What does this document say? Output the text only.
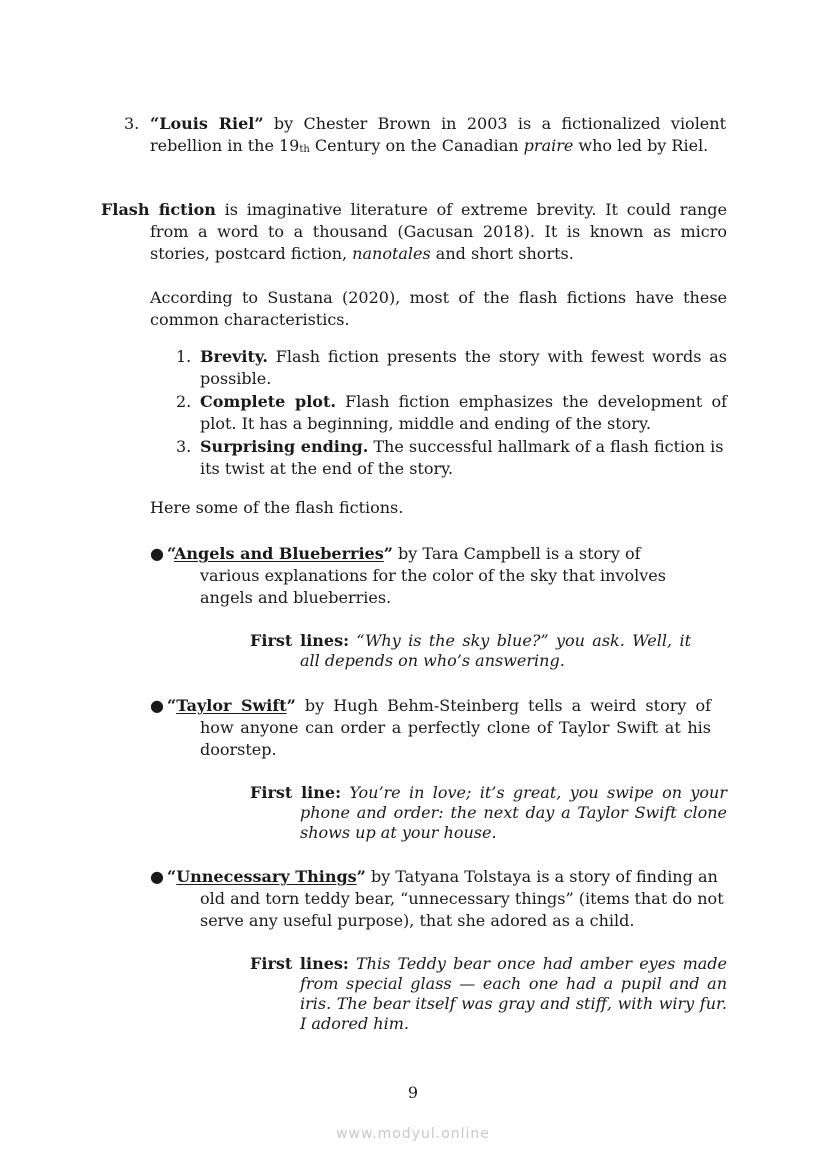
3. “Louis Riel” by Chester Brown in 2003 is a fictionalized violent rebellion in the $19_{th}$ Century on the Canadian praire who led by Riel.
Flash fiction is imaginative literature of extreme brevity. It could range from a word to a thousand (Gacusan 2018). It is known as micro stories, postcard fiction, nanotales and short shorts.
According to Sustana (2020), most of the flash fictions have these common characteristics.
1. Brevity. Flash fiction presents the story with fewest words as possible.
2. Complete plot. Flash fiction emphasizes the development of plot. It has a beginning, middle and ending of the story.
3. Surprising ending. The successful hallmark of a flash fiction is its twist at the end of the story.
Here some of the flash fictions.
● “Angels and Blueberries” by Tara Campbell is a story of various explanations for the color of the sky that involves angels and blueberries.
First lines: “Why is the sky blue?” you ask. Well, it all depends on who’s answering.
● “Taylor Swift” by Hugh Behm-Steinberg tells a weird story of how anyone can order a perfectly clone of Taylor Swift at his doorstep.
First line: You’re in love; it’s great, you swipe on your phone and order: the next day a Taylor Swift clone shows up at your house.
● “Unnecessary Things” by Tatyana Tolstaya is a story of finding an old and torn teddy bear, “unnecessary things” (items that do not serve any useful purpose), that she adored as a child.
First lines: This Teddy bear once had amber eyes made from special glass — each one had a pupil and an iris. The bear itself was gray and stiff, with wiry fur. I adored him.
9
www.modyul.online
